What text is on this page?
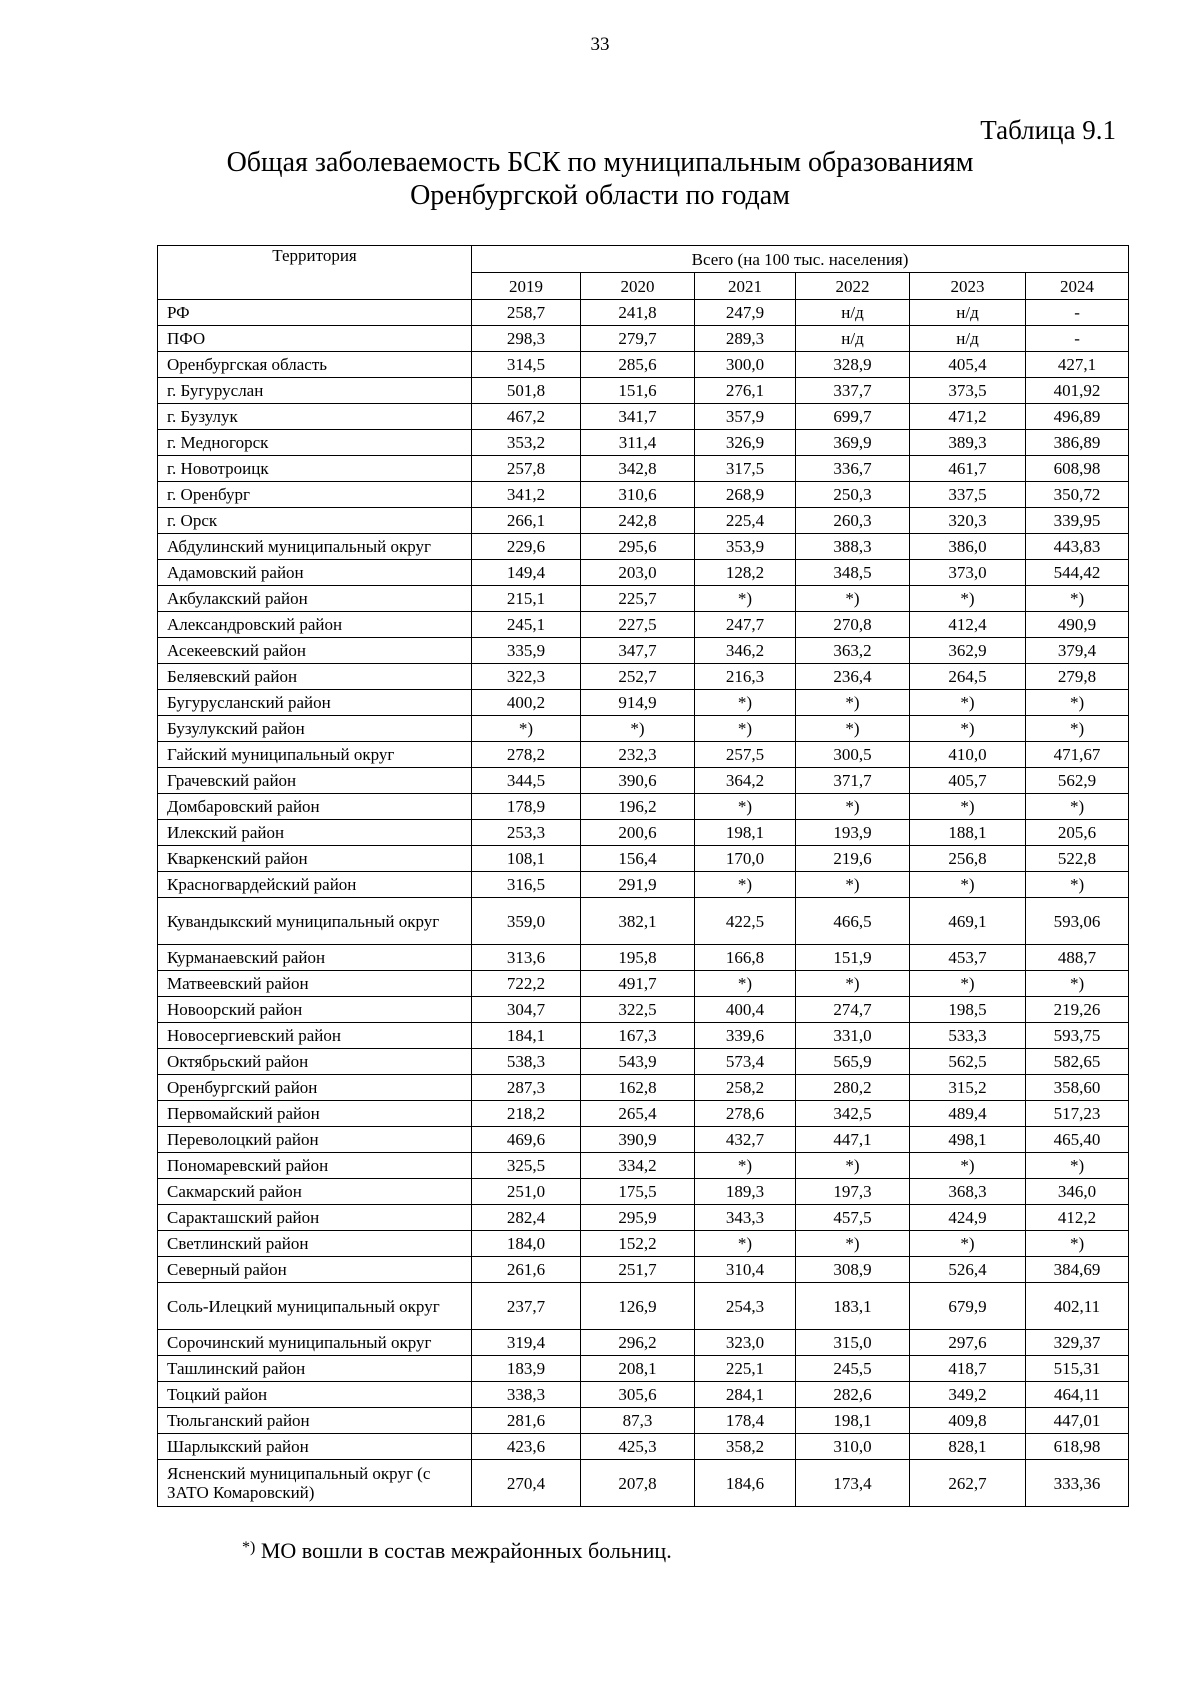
33
Таблица 9.1
Общая заболеваемость БСК по муниципальным образованиям
Оренбургской области по годам
Территория	Всего (на 100 тыс. населения)					
	2019	2020	2021	2022	2023	2024
РФ	258,7	241,8	247,9	н/д	н/д	-
ПФО	298,3	279,7	289,3	н/д	н/д	-
Оренбургская область	314,5	285,6	300,0	328,9	405,4	427,1
г. Бугуруслан	501,8	151,6	276,1	337,7	373,5	401,92
г. Бузулук	467,2	341,7	357,9	699,7	471,2	496,89
г. Медногорск	353,2	311,4	326,9	369,9	389,3	386,89
г. Новотроицк	257,8	342,8	317,5	336,7	461,7	608,98
г. Оренбург	341,2	310,6	268,9	250,3	337,5	350,72
г. Орск	266,1	242,8	225,4	260,3	320,3	339,95
Абдулинский муниципальный округ	229,6	295,6	353,9	388,3	386,0	443,83
Адамовский район	149,4	203,0	128,2	348,5	373,0	544,42
Акбулакский район	215,1	225,7	*)	*)	*)	*)
Александровский район	245,1	227,5	247,7	270,8	412,4	490,9
Асекеевский район	335,9	347,7	346,2	363,2	362,9	379,4
Беляевский район	322,3	252,7	216,3	236,4	264,5	279,8
Бугурусланский район	400,2	914,9	*)	*)	*)	*)
Бузулукский район	*)	*)	*)	*)	*)	*)
Гайский муниципальный округ	278,2	232,3	257,5	300,5	410,0	471,67
Грачевский район	344,5	390,6	364,2	371,7	405,7	562,9
Домбаровский район	178,9	196,2	*)	*)	*)	*)
Илекский район	253,3	200,6	198,1	193,9	188,1	205,6
Кваркенский район	108,1	156,4	170,0	219,6	256,8	522,8
Красногвардейский район	316,5	291,9	*)	*)	*)	*)
Кувандыкский муниципальный округ	359,0	382,1	422,5	466,5	469,1	593,06
Курманаевский район	313,6	195,8	166,8	151,9	453,7	488,7
Матвеевский район	722,2	491,7	*)	*)	*)	*)
Новоорский район	304,7	322,5	400,4	274,7	198,5	219,26
Новосергиевский район	184,1	167,3	339,6	331,0	533,3	593,75
Октябрьский район	538,3	543,9	573,4	565,9	562,5	582,65
Оренбургский район	287,3	162,8	258,2	280,2	315,2	358,60
Первомайский район	218,2	265,4	278,6	342,5	489,4	517,23
Переволоцкий район	469,6	390,9	432,7	447,1	498,1	465,40
Пономаревский район	325,5	334,2	*)	*)	*)	*)
Сакмарский район	251,0	175,5	189,3	197,3	368,3	346,0
Саракташский район	282,4	295,9	343,3	457,5	424,9	412,2
Светлинский район	184,0	152,2	*)	*)	*)	*)
Северный район	261,6	251,7	310,4	308,9	526,4	384,69
Соль-Илецкий муниципальный округ	237,7	126,9	254,3	183,1	679,9	402,11
Сорочинский муниципальный округ	319,4	296,2	323,0	315,0	297,6	329,37
Ташлинский район	183,9	208,1	225,1	245,5	418,7	515,31
Тоцкий район	338,3	305,6	284,1	282,6	349,2	464,11
Тюльганский район	281,6	87,3	178,4	198,1	409,8	447,01
Шарлыкский район	423,6	425,3	358,2	310,0	828,1	618,98
Ясненский муниципальный округ (с ЗАТО Комаровский)	270,4	207,8	184,6	173,4	262,7	333,36
*) МО вошли в состав межрайонных больниц.
